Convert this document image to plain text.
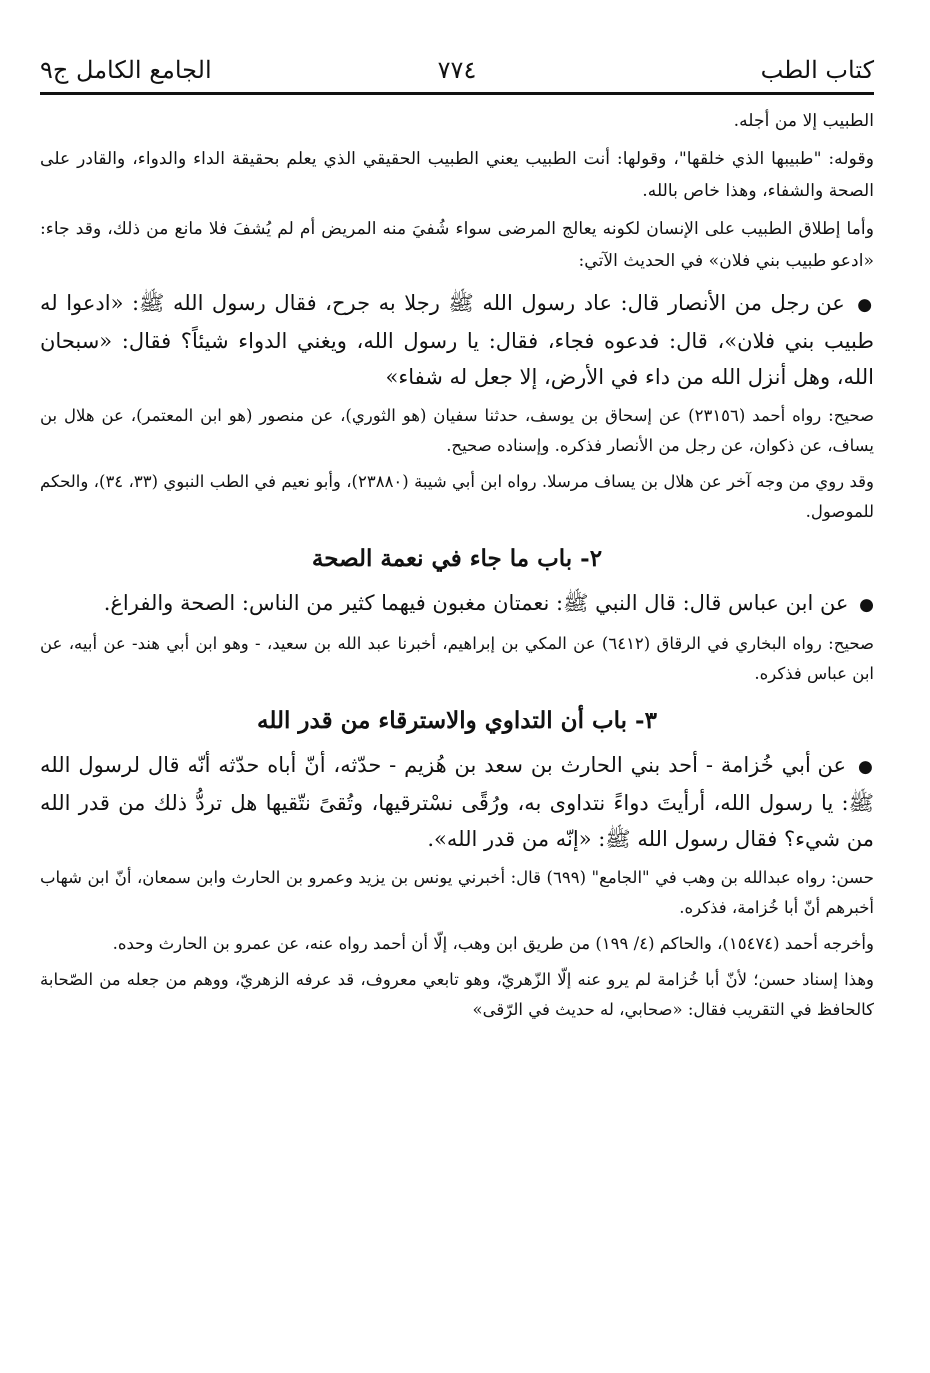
كتاب الطب
٧٧٤
الجامع الكامل ج٩

الطبيب إلا من أجله.

وقوله: "طبيبها الذي خلقها"، وقولها: أنت الطبيب يعني الطبيب الحقيقي الذي يعلم بحقيقة الداء والدواء، والقادر على الصحة والشفاء، وهذا خاص بالله.

وأما إطلاق الطبيب على الإنسان لكونه يعالج المرضى سواء شُفيَ منه المريض أم لم يُشفَ فلا مانع من ذلك، وقد جاء: «ادعو طبيب بني فلان» في الحديث الآتي:

● عن رجل من الأنصار قال: عاد رسول الله ﷺ رجلا به جرح، فقال رسول الله ﷺ: «ادعوا له طبيب بني فلان»، قال: فدعوه فجاء، فقال: يا رسول الله، ويغني الدواء شيئاً؟ فقال: «سبحان الله، وهل أنزل الله من داء في الأرض، إلا جعل له شفاء»

صحيح: رواه أحمد (٢٣١٥٦) عن إسحاق بن يوسف، حدثنا سفيان (هو الثوري)، عن منصور (هو ابن المعتمر)، عن هلال بن يساف، عن ذكوان، عن رجل من الأنصار فذكره. وإسناده صحيح.

وقد روي من وجه آخر عن هلال بن يساف مرسلا. رواه ابن أبي شيبة (٢٣٨٨٠)، وأبو نعيم في الطب النبوي (٣٣، ٣٤)، والحكم للموصول.

٢- باب ما جاء في نعمة الصحة

● عن ابن عباس قال: قال النبي ﷺ: نعمتان مغبون فيهما كثير من الناس: الصحة والفراغ.

صحيح: رواه البخاري في الرقاق (٦٤١٢) عن المكي بن إبراهيم، أخبرنا عبد الله بن سعيد، - وهو ابن أبي هند- عن أبيه، عن ابن عباس فذكره.

٣- باب أن التداوي والاسترقاء من قدر الله

● عن أبي خُزامة - أحد بني الحارث بن سعد بن هُزيم - حدّثه، أنّ أباه حدّثه أنّه قال لرسول الله ﷺ: يا رسول الله، أرأيتَ دواءً نتداوى به، ورُقًى نسْترقيها، وتُقىً نتّقيها هل تردُّ ذلك من قدر الله من شيء؟ فقال رسول الله ﷺ: «إنّه من قدر الله».

حسن: رواه عبدالله بن وهب في "الجامع" (٦٩٩) قال: أخبرني يونس بن يزيد وعمرو بن الحارث وابن سمعان، أنّ ابن شهاب أخبرهم أنّ أبا خُزامة، فذكره.

وأخرجه أحمد (١٥٤٧٤)، والحاكم (٤/ ١٩٩) من طريق ابن وهب، إلّا أن أحمد رواه عنه، عن عمرو بن الحارث وحده.

وهذا إسناد حسن؛ لأنّ أبا خُزامة لم يرو عنه إلّا الزّهريّ، وهو تابعي معروف، قد عرفه الزهريّ، ووهم من جعله من الصّحابة كالحافظ في التقريب فقال: «صحابي، له حديث في الرّقى»
